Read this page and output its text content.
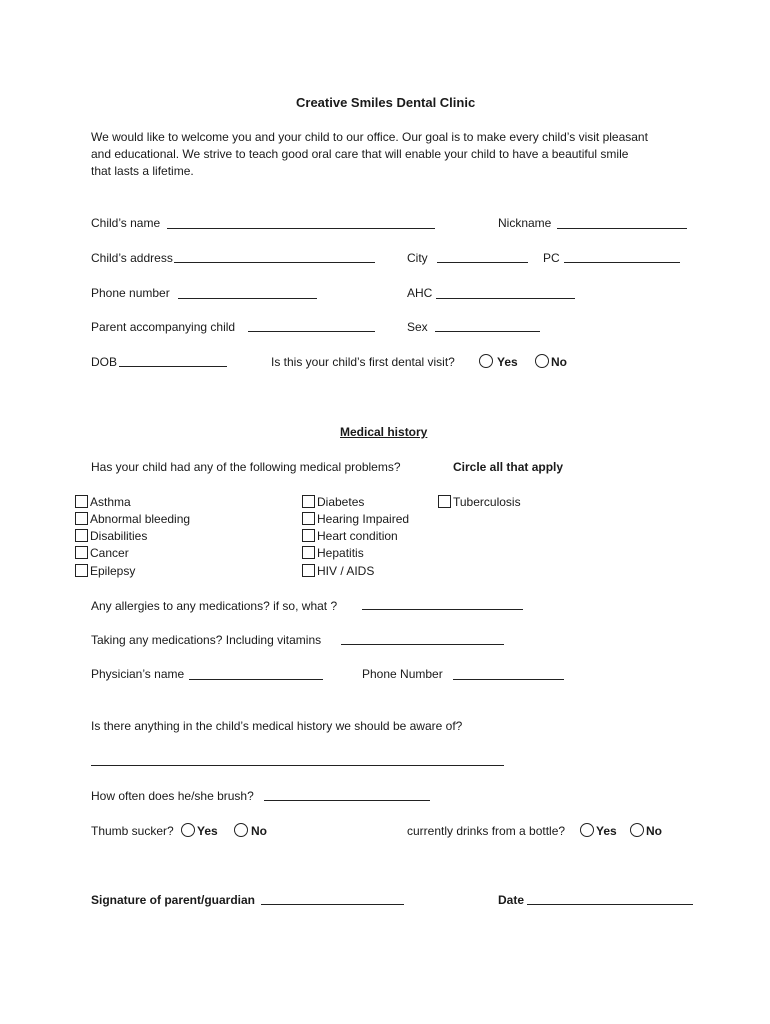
Creative Smiles Dental Clinic
We would like to welcome you and your child to our office. Our goal is to make every child’s visit pleasant and educational. We strive to teach good oral care that will enable your child to have a beautiful smile that lasts a lifetime.
Child’s name	Nickname
Child’s address	City	PC
Phone number	AHC
Parent accompanying child	Sex
DOB	Is this your child’s first dental visit?	Yes	No
Medical history
Has your child had any of the following medical problems?	Circle all that apply
Asthma
Abnormal bleeding
Disabilities
Cancer
Epilepsy
Diabetes
Hearing Impaired
Heart condition
Hepatitis
HIV / AIDS
Tuberculosis
Any allergies to any medications? if so, what ?
Taking any medications? Including vitamins
Physician’s name	Phone Number
Is there anything in the child’s medical history we should be aware of?
How often does he/she brush?
Thumb sucker? Yes	No	currently drinks from a bottle?	Yes No
Signature of parent/guardian	Date
